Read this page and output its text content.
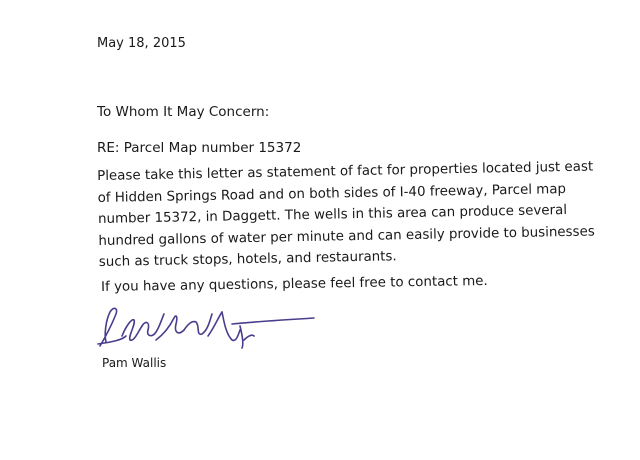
May 18, 2015
To Whom It May Concern:
RE: Parcel Map number 15372
Please take this letter as statement of fact for properties located just east
of Hidden Springs Road and on both sides of I-40 freeway, Parcel map
number 15372, in Daggett. The wells in this area can produce several
hundred gallons of water per minute and can easily provide to businesses
such as truck stops, hotels, and restaurants.
If you have any questions, please feel free to contact me.
Pam Wallis
